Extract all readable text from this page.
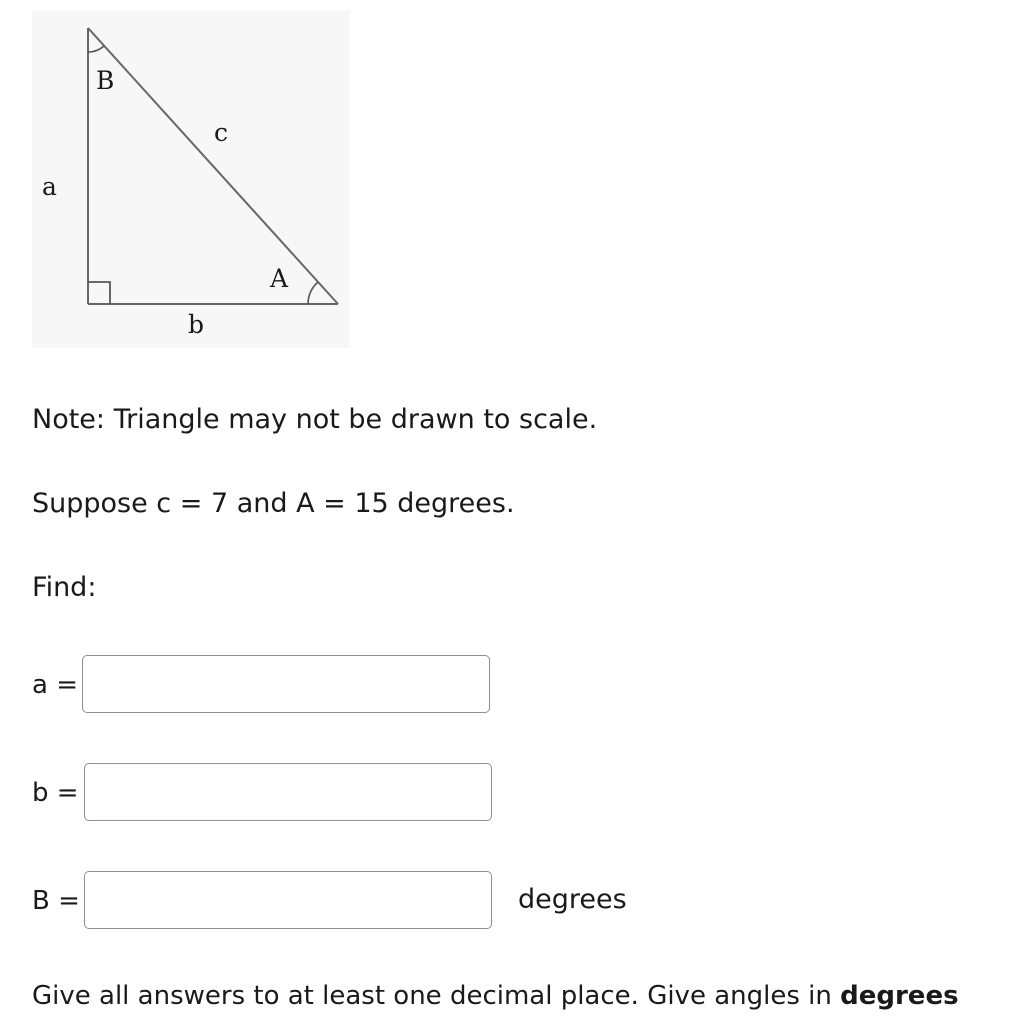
B
c
a
A
b
Note: Triangle may not be drawn to scale.
Suppose c = 7 and A = 15 degrees.
Find:
a =
b =
B =	degrees
Give all answers to at least one decimal place. Give angles in degrees
